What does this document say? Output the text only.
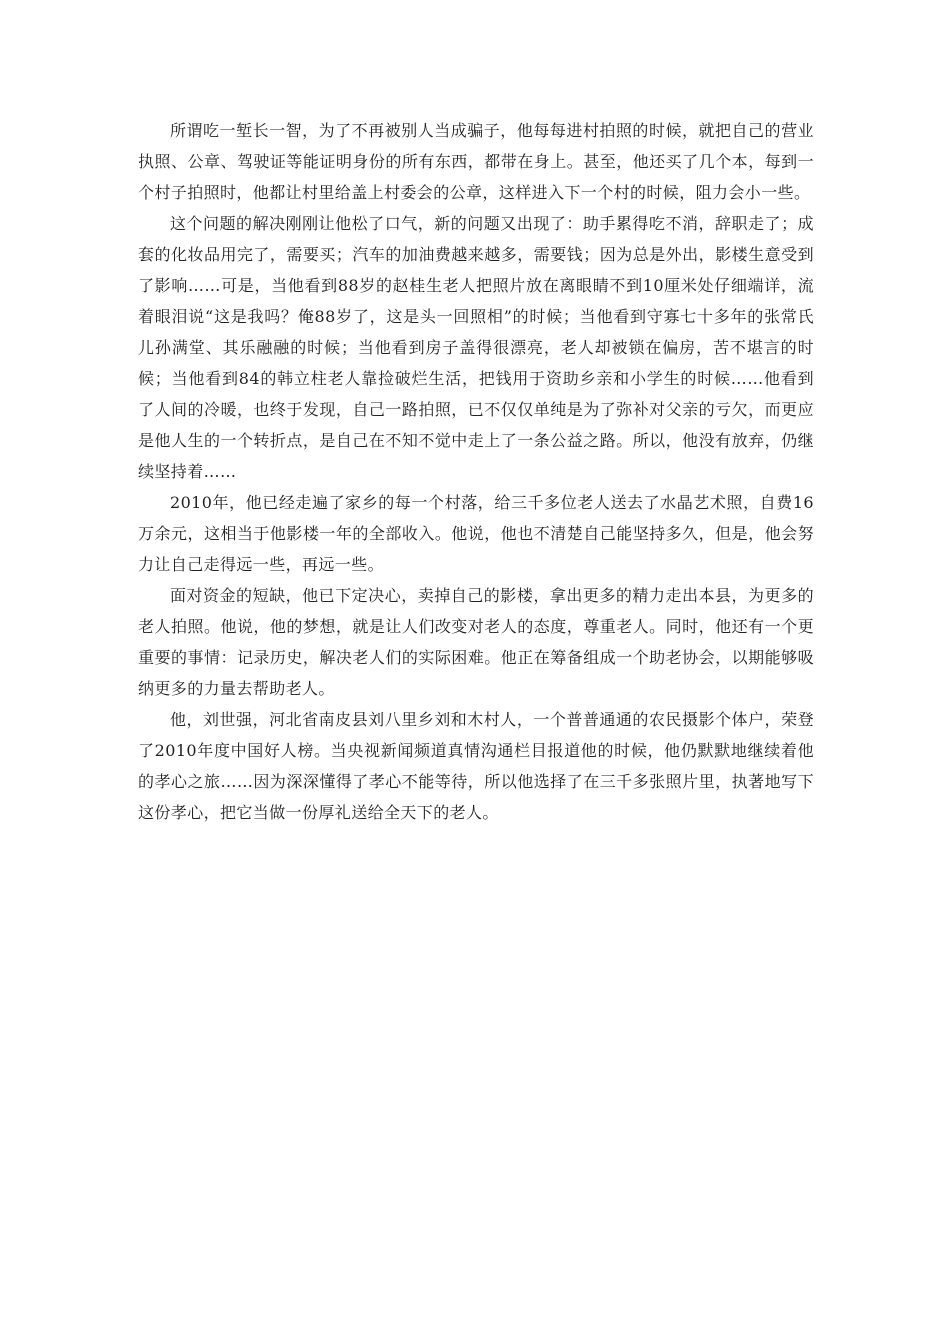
所谓吃一堑长一智，为了不再被别人当成骗子，他每每进村拍照的时候，就把自己的营业执照、公章、驾驶证等能证明身份的所有东西，都带在身上。甚至，他还买了几个本，每到一个村子拍照时，他都让村里给盖上村委会的公章，这样进入下一个村的时候，阻力会小一些。

这个问题的解决刚刚让他松了口气，新的问题又出现了：助手累得吃不消，辞职走了；成套的化妆品用完了，需要买；汽车的加油费越来越多，需要钱；因为总是外出，影楼生意受到了影响……可是，当他看到88岁的赵桂生老人把照片放在离眼睛不到10厘米处仔细端详，流着眼泪说“这是我吗？俺88岁了，这是头一回照相”的时候；当他看到守寡七十多年的张常氏儿孙满堂、其乐融融的时候；当他看到房子盖得很漂亮，老人却被锁在偏房，苦不堪言的时候；当他看到84的韩立柱老人靠捡破烂生活，把钱用于资助乡亲和小学生的时候……他看到了人间的冷暖，也终于发现，自己一路拍照，已不仅仅单纯是为了弥补对父亲的亏欠，而更应是他人生的一个转折点，是自己在不知不觉中走上了一条公益之路。所以，他没有放弃，仍继续坚持着……

2010年，他已经走遍了家乡的每一个村落，给三千多位老人送去了水晶艺术照，自费16万余元，这相当于他影楼一年的全部收入。他说，他也不清楚自己能坚持多久，但是，他会努力让自己走得远一些，再远一些。

面对资金的短缺，他已下定决心，卖掉自己的影楼，拿出更多的精力走出本县，为更多的老人拍照。他说，他的梦想，就是让人们改变对老人的态度，尊重老人。同时，他还有一个更重要的事情：记录历史，解决老人们的实际困难。他正在筹备组成一个助老协会，以期能够吸纳更多的力量去帮助老人。

他，刘世强，河北省南皮县刘八里乡刘和木村人，一个普普通通的农民摄影个体户，荣登了2010年度中国好人榜。当央视新闻频道真情沟通栏目报道他的时候，他仍默默地继续着他的孝心之旅……因为深深懂得了孝心不能等待，所以他选择了在三千多张照片里，执著地写下这份孝心，把它当做一份厚礼送给全天下的老人。
